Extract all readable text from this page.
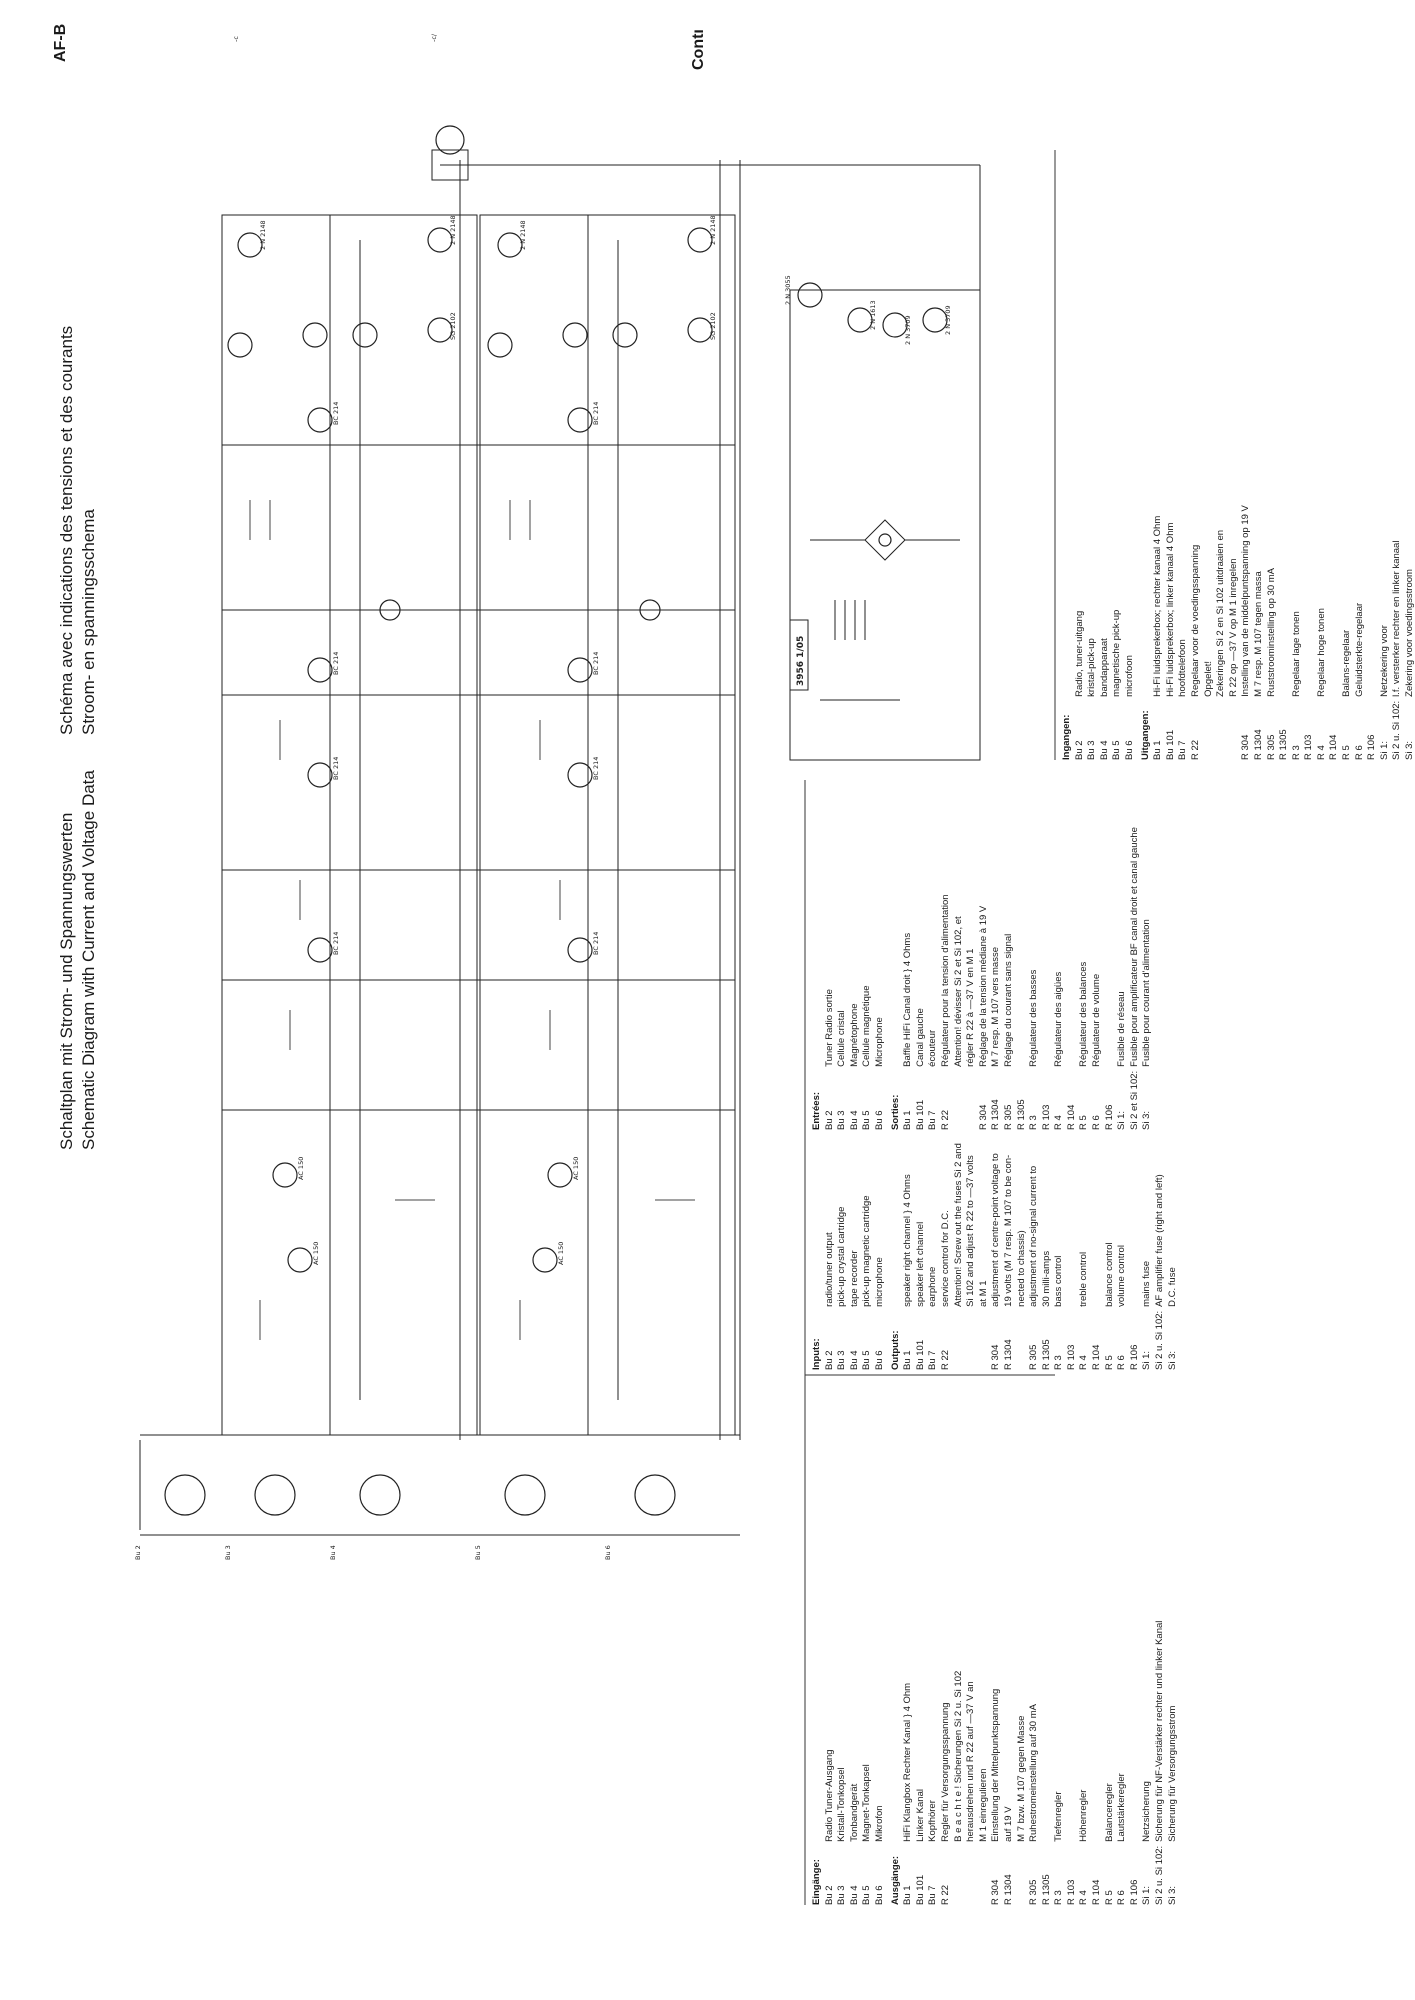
AF-B	Contı
-c	-c/
Schaltplan mit Strom- und Spannungswerten Schematic Diagram with Current and Voltage Data
Schéma avec indications des tensions et des courants Stroom- en spanningsschema
AC 150
AC 150
AC 150
AC 150
BC 214	BC 214
BC 214	BC 214
BC 214	BC 214
BC 214	BC 214
SG 2102	SG 2102
2 N 2148	2 N 2148
2 N 2148	2 N 2148
2 N 3055
2 N 1613
2 N 3709	2 N 3709
Bu 2	Bu 3	Bu 4	Bu 5	Bu 6
3956 1/05
Eingänge:	
Bu 2	Radio Tuner-Ausgang
Bu 3	Kristall-Tonkopsel
Bu 4	Tonbandgerät
Bu 5	Magnet-Tonkapsel
Bu 6	Mikrofon
Ausgänge:	
Bu 1	HiFi Klangbox Rechter Kanal } 4 Ohm
Bu 101	Linker Kanal
Bu 7	Kopfhörer
R 22	Regler für Versorgungsspannung
	B e a c h t e ! Sicherungen Si 2 u. Si 102
	herausdrehen und R 22 auf —37 V an
	M 1 einregulieren
R 304	Einstellung der Mittelpunktspannung
R 1304	auf 19 V
	M 7 bzw. M 107 gegen Masse
R 305	Ruhestromeinstellung auf 30 mA
R 1305	
R 3	Tiefenregler
R 103	
R 4	Höhenregler
R 104	
R 5	Balanceregler
R 6	Lautstärkeregler
R 106	
Si 1:	Netzsicherung
Si 2 u. Si 102:	Sicherung für NF-Verstärker rechter und linker Kanal
Si 3:	Sicherung für Versorgungsstrom
Inputs:	
Bu 2	radio/tuner output
Bu 3	pick-up crystal cartridge
Bu 4	tape recorder
Bu 5	pick-up magnetic cartridge
Bu 6	microphone
Outputs:	
Bu 1	speaker right channel } 4 Ohms
Bu 101	speaker left channel
Bu 7	earphone
R 22	service control for D.C.
	Attention! Screw out the fuses Si 2 and
	Si 102 and adjust R 22 to —37 volts
	at M 1
R 304	adjustment of centre-point voltage to
R 1304	19 volts (M 7 resp. M 107 to be con-
	nected to chassis)
R 305	adjustment of no-signal current to
R 1305	30 milli-amps
R 3	bass control
R 103	
R 4	treble control
R 104	
R 5	balance control
R 6	volume control
R 106	
Si 1:	mains fuse
Si 2 u. Si 102:	AF amplifier fuse (right and left)
Si 3:	D.C. fuse
Entrées:	
Bu 2	Tuner Radio sortie
Bu 3	Cellule cristal
Bu 4	Magnétophone
Bu 5	Cellule magnétique
Bu 6	Microphone
Sorties:	
Bu 1	Baffle HiFi Canal droit } 4 Ohms
Bu 101	Canal gauche
Bu 7	écouteur
R 22	Régulateur pour la tension d'alimentation
	Attention! dévisser Si 2 et Si 102, et
	régler R 22 à —37 V en M 1
R 304	Réglage de la tension médiane à 19 V
R 1304	M 7 resp. M 107 vers masse
R 305	Réglage du courant sans signal
R 1305	
R 3	Régulateur des basses
R 103	
R 4	Régulateur des aigües
R 104	
R 5	Régulateur des balances
R 6	Régulateur de volume
R 106	
Si 1:	Fusible de réseau
Si 2 et Si 102:	Fusible pour amplificateur BF canal droit et canal gauche
Si 3:	Fusible pour courant d'alimentation
Ingangen:	
Bu 2	Radio, tuner-uitgang
Bu 3	kristal-pick-up
Bu 4	bandapparaat
Bu 5	magnetische pick-up
Bu 6	microfoon
Uitgangen:	
Bu 1	Hi-Fi luidsprekerbox; rechter kanaal 4 Ohm
Bu 101	Hi-Fi luidsprekerbox; linker kanaal 4 Ohm
Bu 7	hoofdtelefoon
R 22	Regelaar voor de voedingsspanning
	Opgelet!
	Zekeringen Si 2 en Si 102 uitdraaien en
	R 22 op —37 V op M 1 inregelen
R 304	Instelling van de middelpuntspanning op 19 V
R 1304	M 7 resp. M 107 tegen massa
R 305	Ruststroominstelling op 30 mA
R 1305	
R 3	Regelaar lage tonen
R 103	
R 4	Regelaar hoge tonen
R 104	
R 5	Balans-regelaar
R 6	Geluidsterkte-regelaar
R 106	
Si 1:	Netzekering voor
Si 2 u. Si 102:	l.f. versterker rechter en linker kanaal
Si 3:	Zekering voor voedingsstroom
